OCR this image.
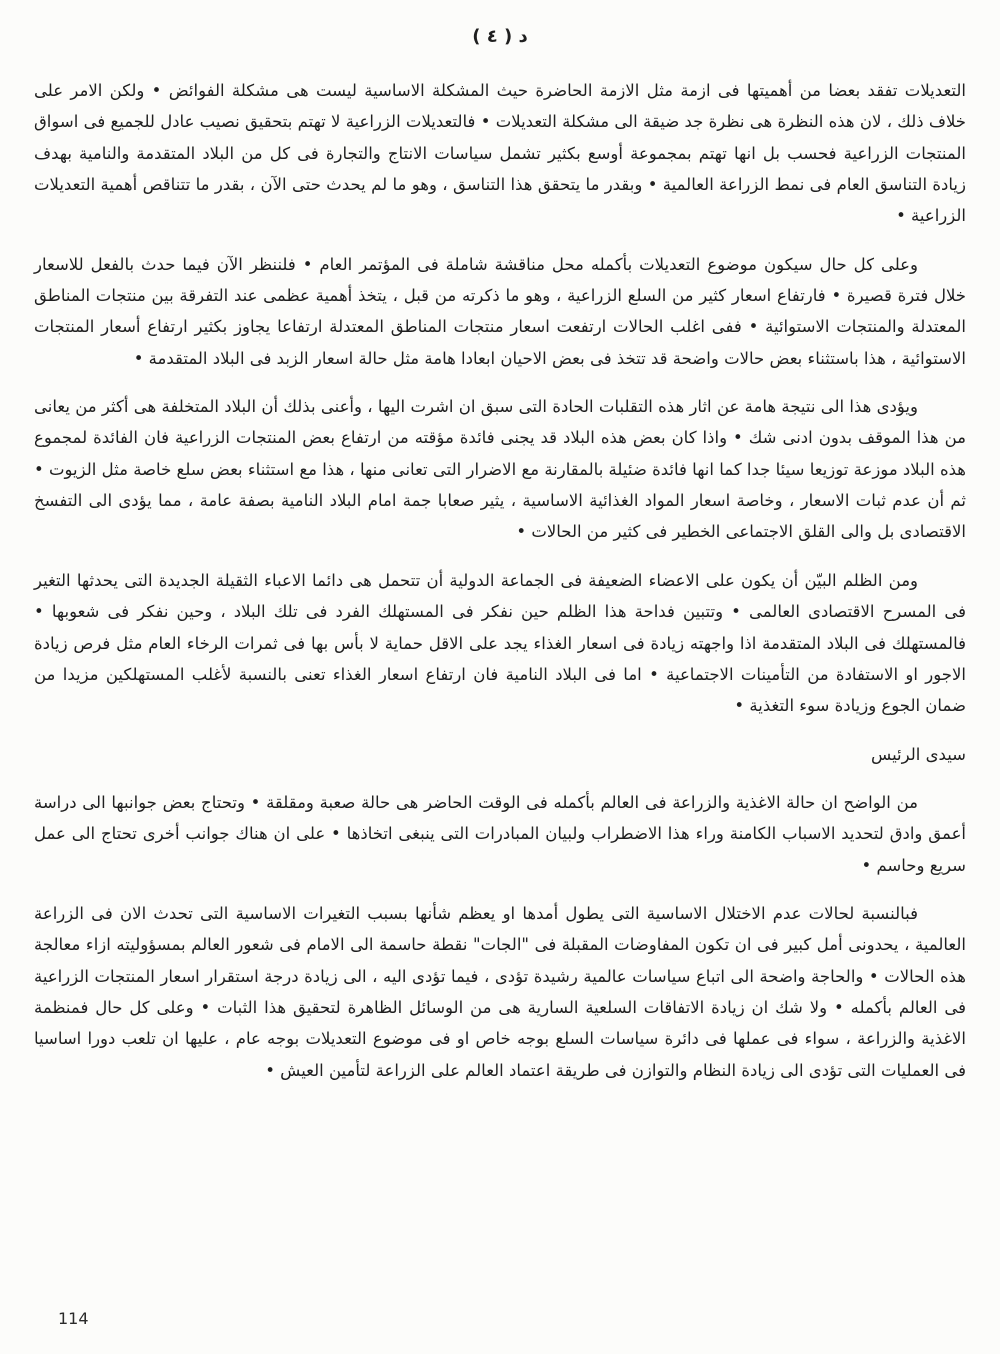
د ( ٤ )

التعديلات تفقد بعضا من أهميتها فى ازمة مثل الازمة الحاضرة حيث المشكلة الاساسية ليست هى مشكلة الفوائض • ولكن الامر على خلاف ذلك ، لان هذه النظرة هى نظرة جد ضيقة الى مشكلة التعديلات • فالتعديلات الزراعية لا تهتم بتحقيق نصيب عادل للجميع فى اسواق المنتجات الزراعية فحسب بل انها تهتم بمجموعة أوسع بكثير تشمل سياسات الانتاج والتجارة فى كل من البلاد المتقدمة والنامية بهدف زيادة التناسق العام فى نمط الزراعة العالمية • وبقدر ما يتحقق هذا التناسق ، وهو ما لم يحدث حتى الآن ، بقدر ما تتناقص أهمية التعديلات الزراعية •

وعلى كل حال سيكون موضوع التعديلات بأكمله محل مناقشة شاملة فى المؤتمر العام • فلننظر الآن فيما حدث بالفعل للاسعار خلال فترة قصيرة • فارتفاع اسعار كثير من السلع الزراعية ، وهو ما ذكرته من قبل ، يتخذ أهمية عظمى عند التفرقة بين منتجات المناطق المعتدلة والمنتجات الاستوائية • ففى اغلب الحالات ارتفعت اسعار منتجات المناطق المعتدلة ارتفاعا يجاوز بكثير ارتفاع أسعار المنتجات الاستوائية ، هذا باستثناء بعض حالات واضحة قد تتخذ فى بعض الاحيان ابعادا هامة مثل حالة اسعار الزبد فى البلاد المتقدمة •

ويؤدى هذا الى نتيجة هامة عن اثار هذه التقلبات الحادة التى سبق ان اشرت اليها ، وأعنى بذلك أن البلاد المتخلفة هى أكثر من يعانى من هذا الموقف بدون ادنى شك • واذا كان بعض هذه البلاد قد يجنى فائدة مؤقته من ارتفاع بعض المنتجات الزراعية فان الفائدة لمجموع هذه البلاد موزعة توزيعا سيئا جدا كما انها فائدة ضئيلة بالمقارنة مع الاضرار التى تعانى منها ، هذا مع استثناء بعض سلع خاصة مثل الزيوت • ثم أن عدم ثبات الاسعار ، وخاصة اسعار المواد الغذائية الاساسية ، يثير صعابا جمة امام البلاد النامية بصفة عامة ، مما يؤدى الى التفسخ الاقتصادى بل والى القلق الاجتماعى الخطير فى كثير من الحالات •

ومن الظلم البيّن أن يكون على الاعضاء الضعيفة فى الجماعة الدولية أن تتحمل هى دائما الاعباء الثقيلة الجديدة التى يحدثها التغير فى المسرح الاقتصادى العالمى • وتتبين فداحة هذا الظلم حين نفكر فى المستهلك الفرد فى تلك البلاد ، وحين نفكر فى شعوبها • فالمستهلك فى البلاد المتقدمة اذا واجهته زيادة فى اسعار الغذاء يجد على الاقل حماية لا بأس بها فى ثمرات الرخاء العام مثل فرص زيادة الاجور او الاستفادة من التأمينات الاجتماعية • اما فى البلاد النامية فان ارتفاع اسعار الغذاء تعنى بالنسبة لأغلب المستهلكين مزيدا من ضمان الجوع وزيادة سوء التغذية •

سيدى الرئيس

من الواضح ان حالة الاغذية والزراعة فى العالم بأكمله فى الوقت الحاضر هى حالة صعبة ومقلقة • وتحتاج بعض جوانبها الى دراسة أعمق وادق لتحديد الاسباب الكامنة وراء هذا الاضطراب ولبيان المبادرات التى ينبغى اتخاذها • على ان هناك جوانب أخرى تحتاج الى عمل سريع وحاسم •

فبالنسبة لحالات عدم الاختلال الاساسية التى يطول أمدها او يعظم شأنها بسبب التغيرات الاساسية التى تحدث الان فى الزراعة العالمية ، يحدونى أمل كبير فى ان تكون المفاوضات المقبلة فى "الجات" نقطة حاسمة الى الامام فى شعور العالم بمسؤوليته ازاء معالجة هذه الحالات • والحاجة واضحة الى اتباع سياسات عالمية رشيدة تؤدى ، فيما تؤدى اليه ، الى زيادة درجة استقرار اسعار المنتجات الزراعية فى العالم بأكمله • ولا شك ان زيادة الاتفاقات السلعية السارية هى من الوسائل الظاهرة لتحقيق هذا الثبات • وعلى كل حال فمنظمة الاغذية والزراعة ، سواء فى عملها فى دائرة سياسات السلع بوجه خاص او فى موضوع التعديلات بوجه عام ، عليها ان تلعب دورا اساسيا فى العمليات التى تؤدى الى زيادة النظام والتوازن فى طريقة اعتماد العالم على الزراعة لتأمين العيش •

114
